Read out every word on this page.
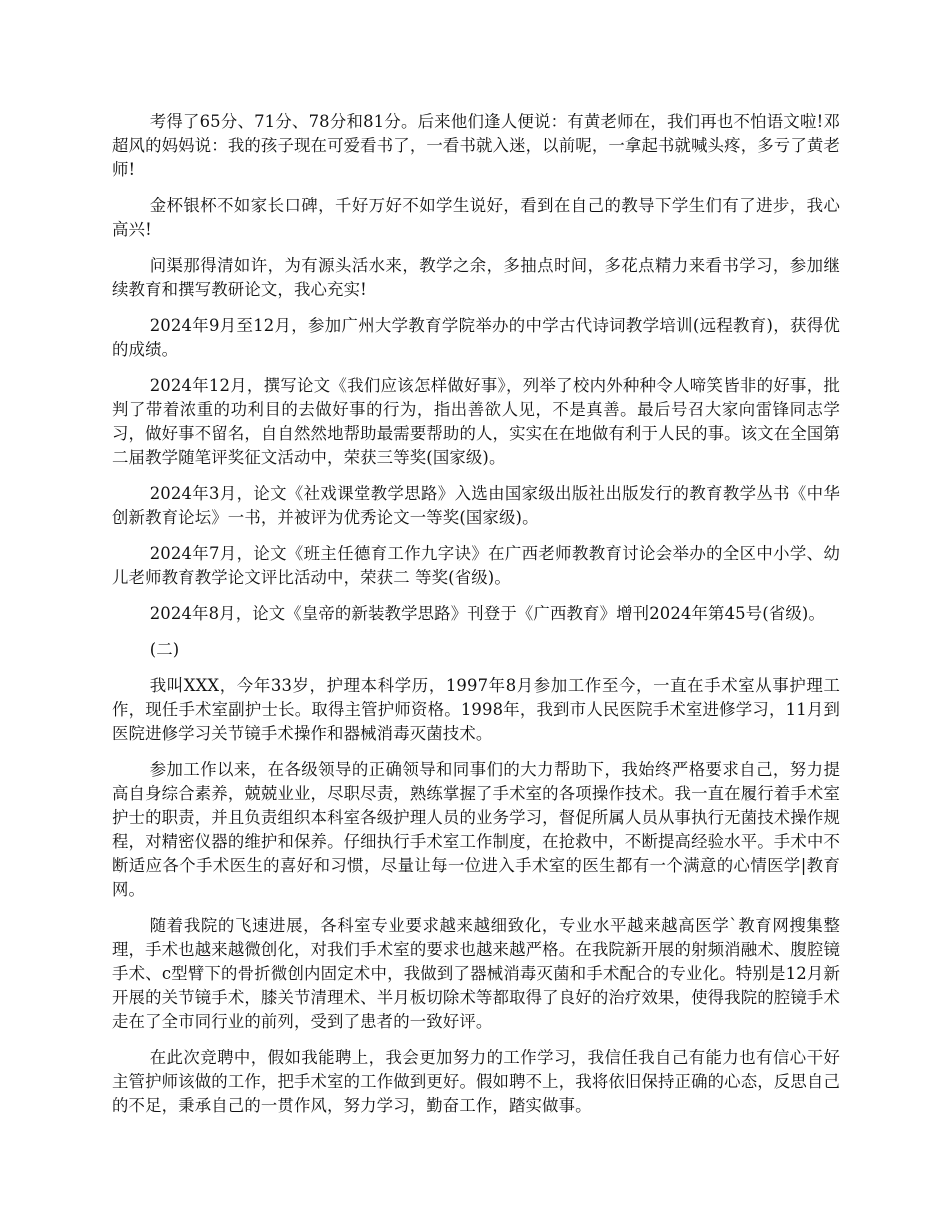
考得了65分、71分、78分和81分。后来他们逢人便说：有黄老师在，我们再也不怕语文啦!邓超风的妈妈说：我的孩子现在可爱看书了，一看书就入迷，以前呢，一拿起书就喊头疼，多亏了黄老师!

金杯银杯不如家长口碑，千好万好不如学生说好，看到在自己的教导下学生们有了进步，我心高兴!

问渠那得清如许，为有源头活水来，教学之余，多抽点时间，多花点精力来看书学习，参加继续教育和撰写教研论文，我心充实!

2024年9月至12月，参加广州大学教育学院举办的中学古代诗词教学培训(远程教育)，获得优的成绩。

2024年12月，撰写论文《我们应该怎样做好事》，列举了校内外种种令人啼笑皆非的好事，批判了带着浓重的功利目的去做好事的行为，指出善欲人见，不是真善。最后号召大家向雷锋同志学习，做好事不留名，自自然然地帮助最需要帮助的人，实实在在地做有利于人民的事。该文在全国第二届教学随笔评奖征文活动中，荣获三等奖(国家级)。

2024年3月，论文《社戏课堂教学思路》入选由国家级出版社出版发行的教育教学丛书《中华创新教育论坛》一书，并被评为优秀论文一等奖(国家级)。

2024年7月，论文《班主任德育工作九字诀》在广西老师教教育讨论会举办的全区中小学、幼儿老师教育教学论文评比活动中，荣获二 等奖(省级)。

2024年8月，论文《皇帝的新装教学思路》刊登于《广西教育》增刊2024年第45号(省级)。

(二)

我叫XXX，今年33岁，护理本科学历，1997年8月参加工作至今，一直在手术室从事护理工作，现任手术室副护士长。取得主管护师资格。1998年，我到市人民医院手术室进修学习，11月到医院进修学习关节镜手术操作和器械消毒灭菌技术。

参加工作以来，在各级领导的正确领导和同事们的大力帮助下，我始终严格要求自己，努力提高自身综合素养，兢兢业业，尽职尽责，熟练掌握了手术室的各项操作技术。我一直在履行着手术室护士的职责，并且负责组织本科室各级护理人员的业务学习，督促所属人员从事执行无菌技术操作规程，对精密仪器的维护和保养。仔细执行手术室工作制度，在抢救中，不断提高经验水平。手术中不断适应各个手术医生的喜好和习惯，尽量让每一位进入手术室的医生都有一个满意的心情医学|教育网。

随着我院的飞速进展，各科室专业要求越来越细致化，专业水平越来越高医学`教育网搜集整理，手术也越来越微创化，对我们手术室的要求也越来越严格。在我院新开展的射频消融术、腹腔镜手术、c型臂下的骨折微创内固定术中，我做到了器械消毒灭菌和手术配合的专业化。特别是12月新开展的关节镜手术，膝关节清理术、半月板切除术等都取得了良好的治疗效果，使得我院的腔镜手术走在了全市同行业的前列，受到了患者的一致好评。

在此次竞聘中，假如我能聘上，我会更加努力的工作学习，我信任我自己有能力也有信心干好主管护师该做的工作，把手术室的工作做到更好。假如聘不上，我将依旧保持正确的心态，反思自己的不足，秉承自己的一贯作风，努力学习，勤奋工作，踏实做事。
